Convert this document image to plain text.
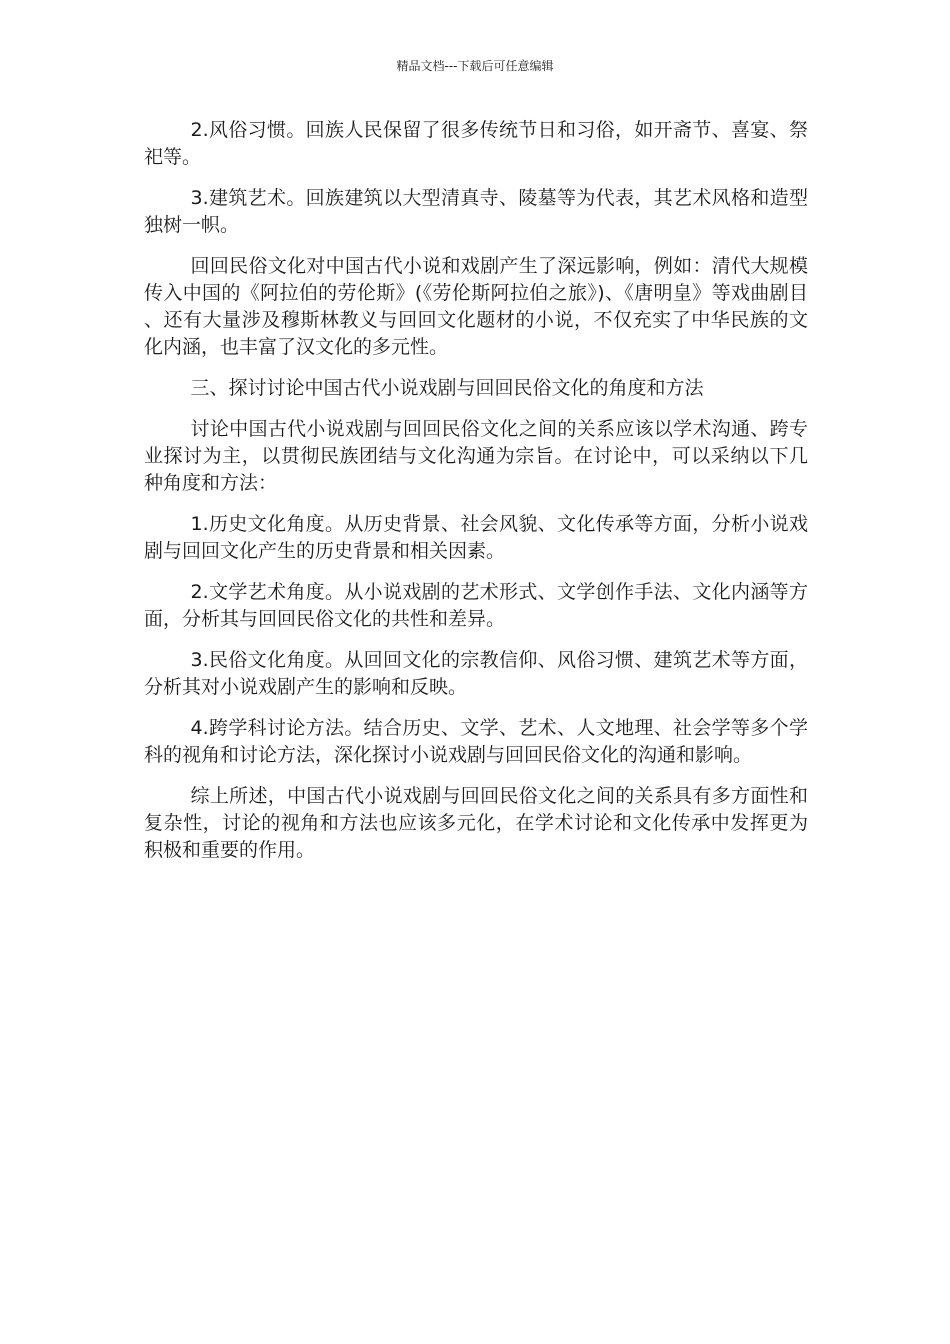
精品文档---下载后可任意编辑

2.风俗习惯。回族人民保留了很多传统节日和习俗，如开斋节、喜宴、祭祀等。

3.建筑艺术。回族建筑以大型清真寺、陵墓等为代表，其艺术风格和造型独树一帜。

回回民俗文化对中国古代小说和戏剧产生了深远影响，例如：清代大规模传入中国的《阿拉伯的劳伦斯》(《劳伦斯阿拉伯之旅》)、《唐明皇》等戏曲剧目、还有大量涉及穆斯林教义与回回文化题材的小说，不仅充实了中华民族的文化内涵，也丰富了汉文化的多元性。

三、探讨讨论中国古代小说戏剧与回回民俗文化的角度和方法

讨论中国古代小说戏剧与回回民俗文化之间的关系应该以学术沟通、跨专业探讨为主，以贯彻民族团结与文化沟通为宗旨。在讨论中，可以采纳以下几种角度和方法：

1.历史文化角度。从历史背景、社会风貌、文化传承等方面，分析小说戏剧与回回文化产生的历史背景和相关因素。

2.文学艺术角度。从小说戏剧的艺术形式、文学创作手法、文化内涵等方面，分析其与回回民俗文化的共性和差异。

3.民俗文化角度。从回回文化的宗教信仰、风俗习惯、建筑艺术等方面，分析其对小说戏剧产生的影响和反映。

4.跨学科讨论方法。结合历史、文学、艺术、人文地理、社会学等多个学科的视角和讨论方法，深化探讨小说戏剧与回回民俗文化的沟通和影响。

综上所述，中国古代小说戏剧与回回民俗文化之间的关系具有多方面性和复杂性，讨论的视角和方法也应该多元化，在学术讨论和文化传承中发挥更为积极和重要的作用。
